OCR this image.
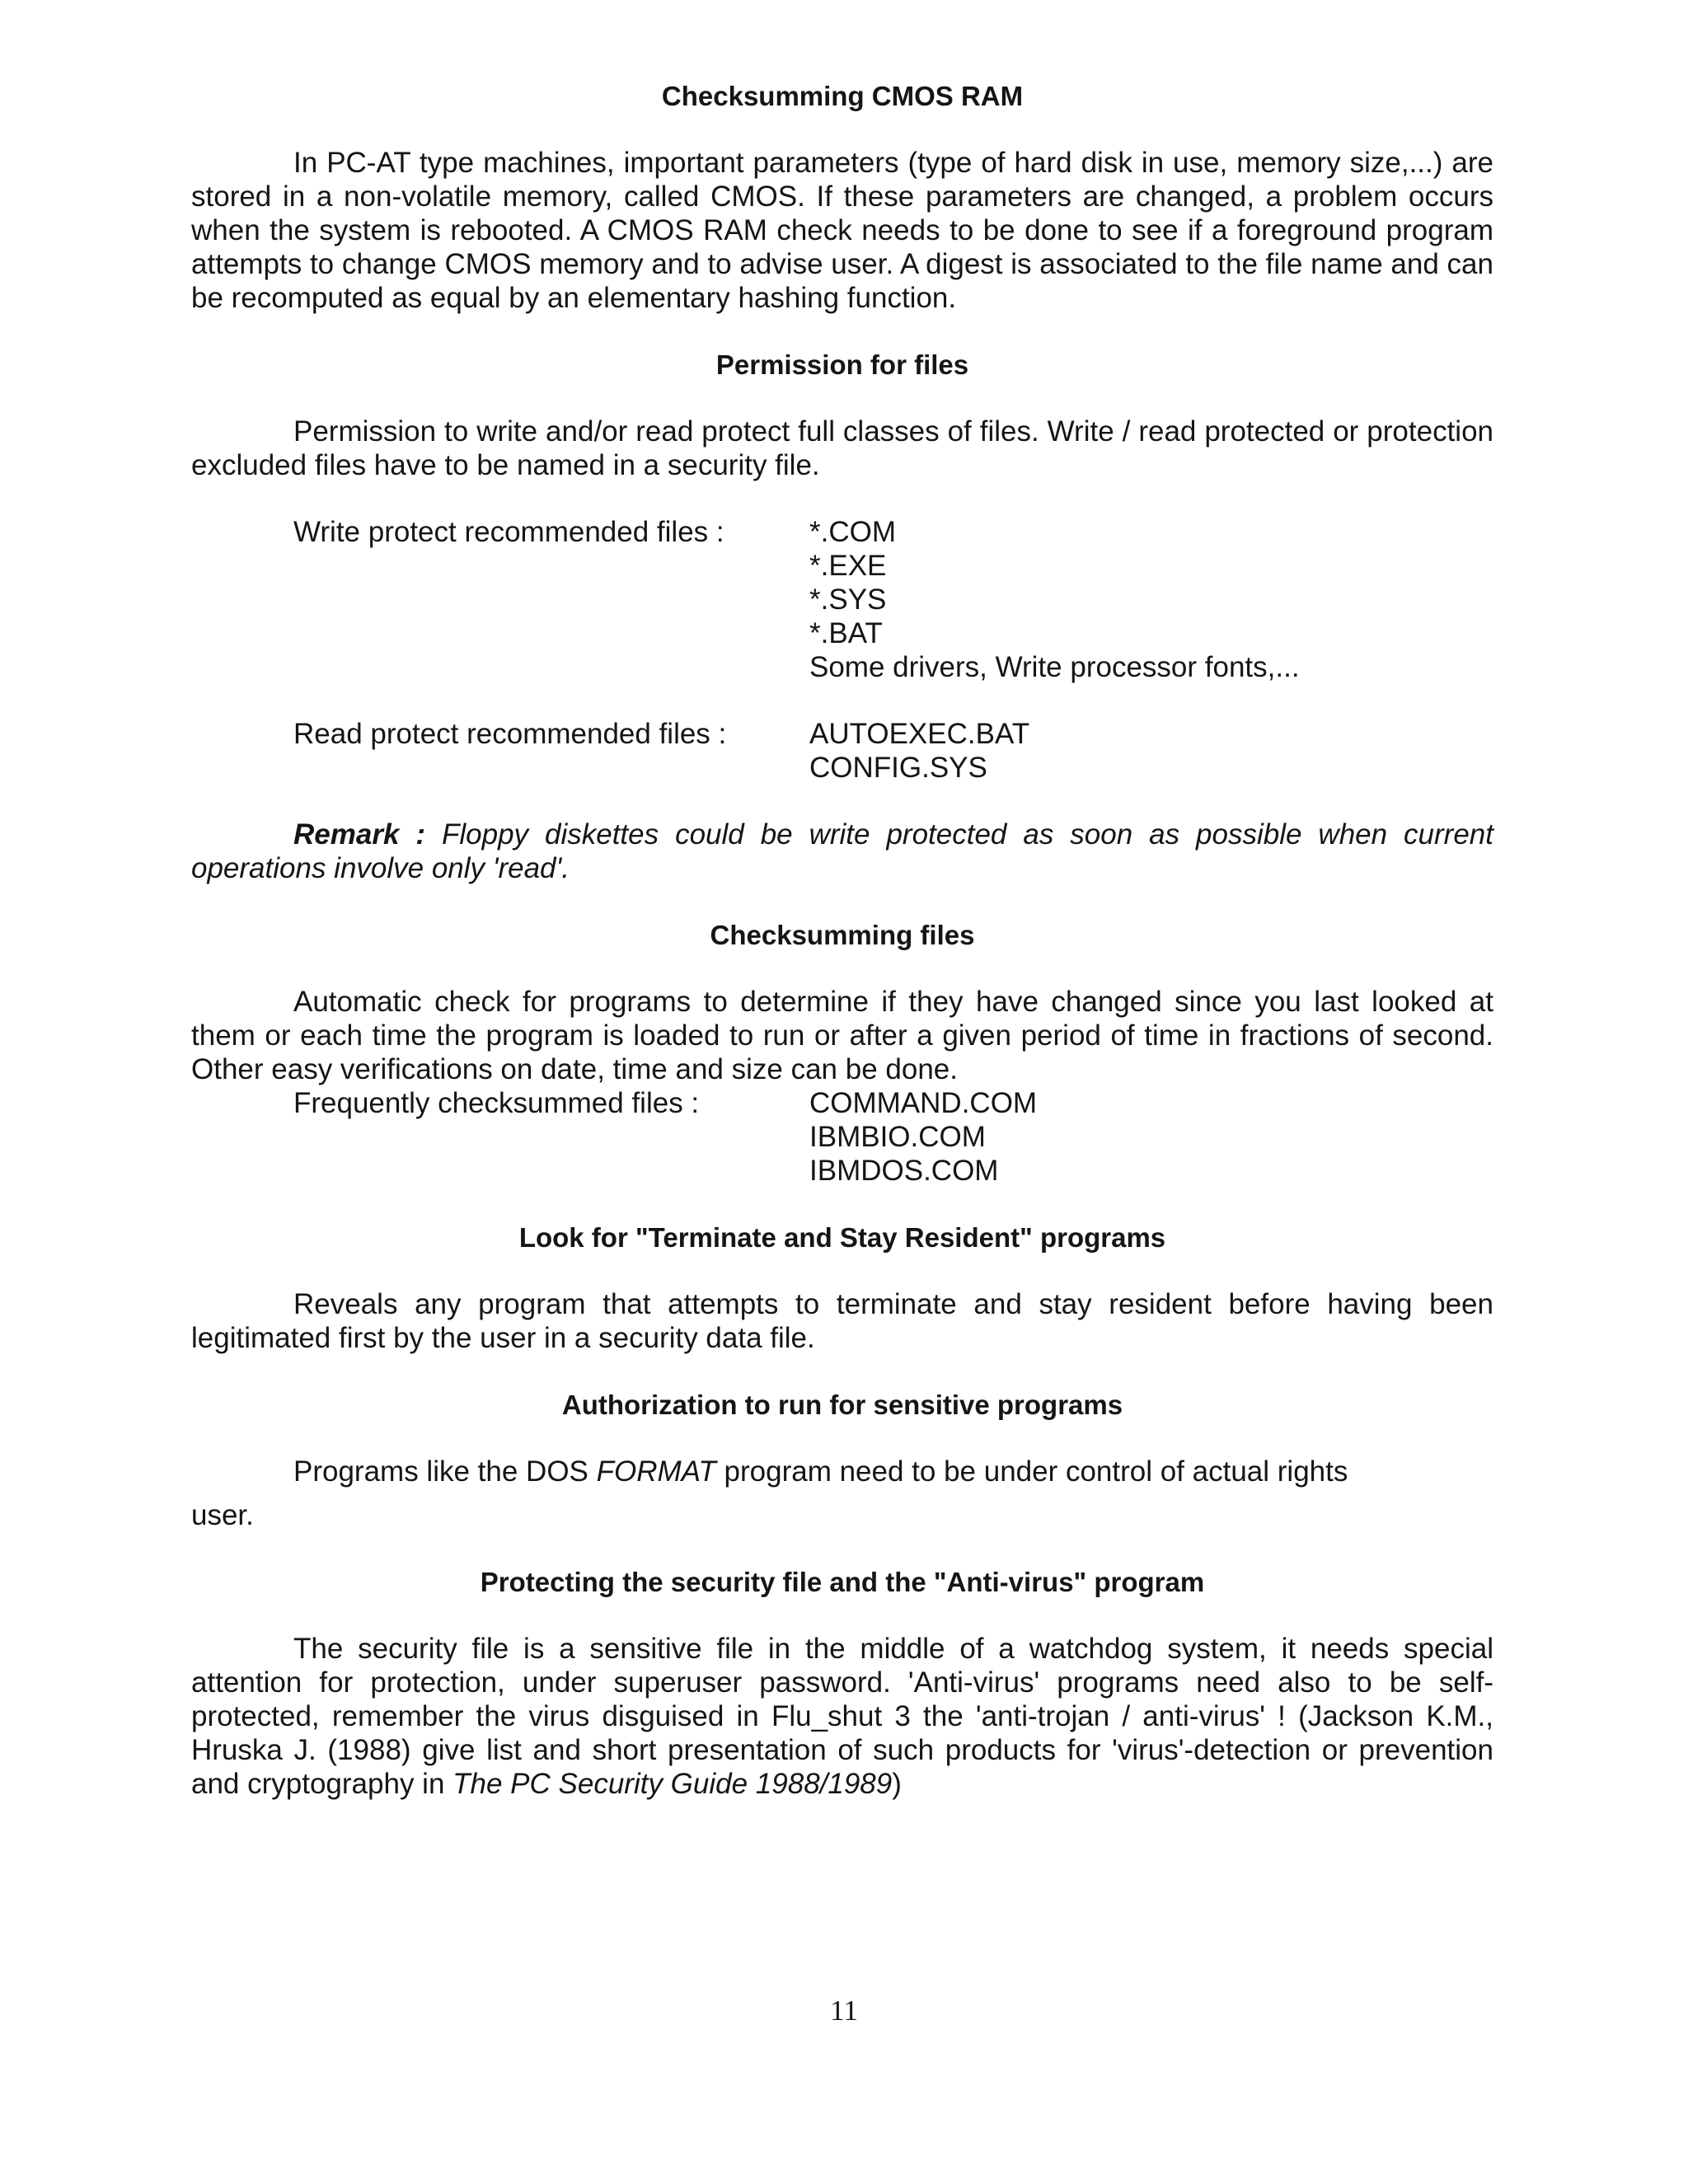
Checksumming CMOS RAM

In PC-AT type machines, important parameters (type of hard disk in use, memory size,...) are stored in a non-volatile memory, called CMOS. If these parameters are changed, a problem occurs when the system is rebooted. A CMOS RAM check needs to be done to see if a foreground program attempts to change CMOS memory and to advise user. A digest is associated to the file name and can be recomputed as equal by an elementary hashing function.

Permission for files

Permission to write and/or read protect full classes of files. Write / read protected or protection excluded files have to be named in a security file.

Write protect recommended files :	*.COM
*.EXE
*.SYS
*.BAT
Some drivers, Write processor fonts,...
Read protect recommended files :	AUTOEXEC.BAT
CONFIG.SYS

Remark : Floppy diskettes could be write protected as soon as possible when current operations involve only 'read'.

Checksumming files

Automatic check for programs to determine if they have changed since you last looked at them or each time the program is loaded to run or after a given period of time in fractions of second. Other easy verifications on date, time and size can be done.

Frequently checksummed files :	COMMAND.COM
IBMBIO.COM
IBMDOS.COM

Look for "Terminate and Stay Resident" programs

Reveals any program that attempts to terminate and stay resident before having been legitimated first by the user in a security data file.

Authorization to run for sensitive programs

Programs like the DOS FORMAT program need to be under control of actual rights

user.

Protecting the security file and the "Anti-virus" program

The security file is a sensitive file in the middle of a watchdog system, it needs special attention for protection, under superuser password. 'Anti-virus' programs need also to be self-protected, remember the virus disguised in Flu_shut 3 the 'anti-trojan / anti-virus' ! (Jackson K.M., Hruska J. (1988) give list and short presentation of such products for 'virus'-detection or prevention and cryptography in The PC Security Guide 1988/1989)

11
